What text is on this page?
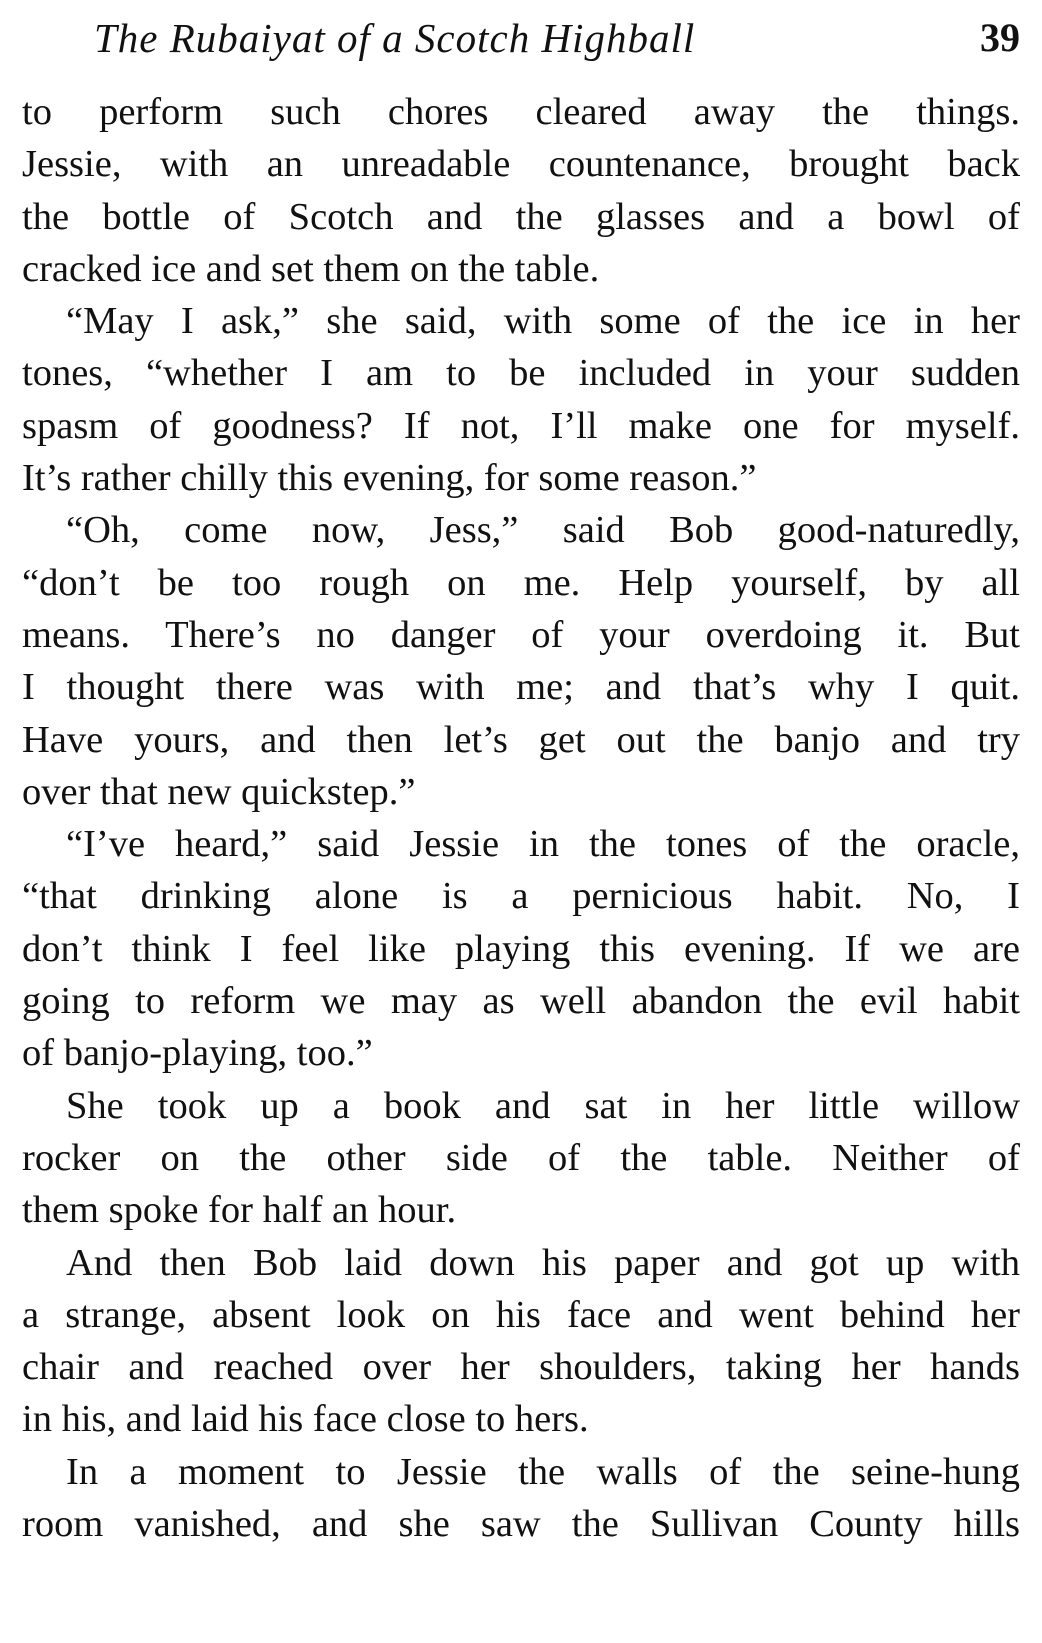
The Rubaiyat of a Scotch Highball	39
to perform such chores cleared away the things.
Jessie, with an unreadable countenance, brought back
the bottle of Scotch and the glasses and a bowl of
cracked ice and set them on the table.
“May I ask,” she said, with some of the ice in her
tones, “whether I am to be included in your sudden
spasm of goodness? If not, I’ll make one for myself.
It’s rather chilly this evening, for some reason.”
“Oh, come now, Jess,” said Bob good-naturedly,
“don’t be too rough on me. Help yourself, by all
means. There’s no danger of your overdoing it. But
I thought there was with me; and that’s why I quit.
Have yours, and then let’s get out the banjo and try
over that new quickstep.”
“I’ve heard,” said Jessie in the tones of the oracle,
“that drinking alone is a pernicious habit. No, I
don’t think I feel like playing this evening. If we are
going to reform we may as well abandon the evil habit
of banjo-playing, too.”
She took up a book and sat in her little willow
rocker on the other side of the table. Neither of
them spoke for half an hour.
And then Bob laid down his paper and got up with
a strange, absent look on his face and went behind her
chair and reached over her shoulders, taking her hands
in his, and laid his face close to hers.
In a moment to Jessie the walls of the seine-hung
room vanished, and she saw the Sullivan County hills
